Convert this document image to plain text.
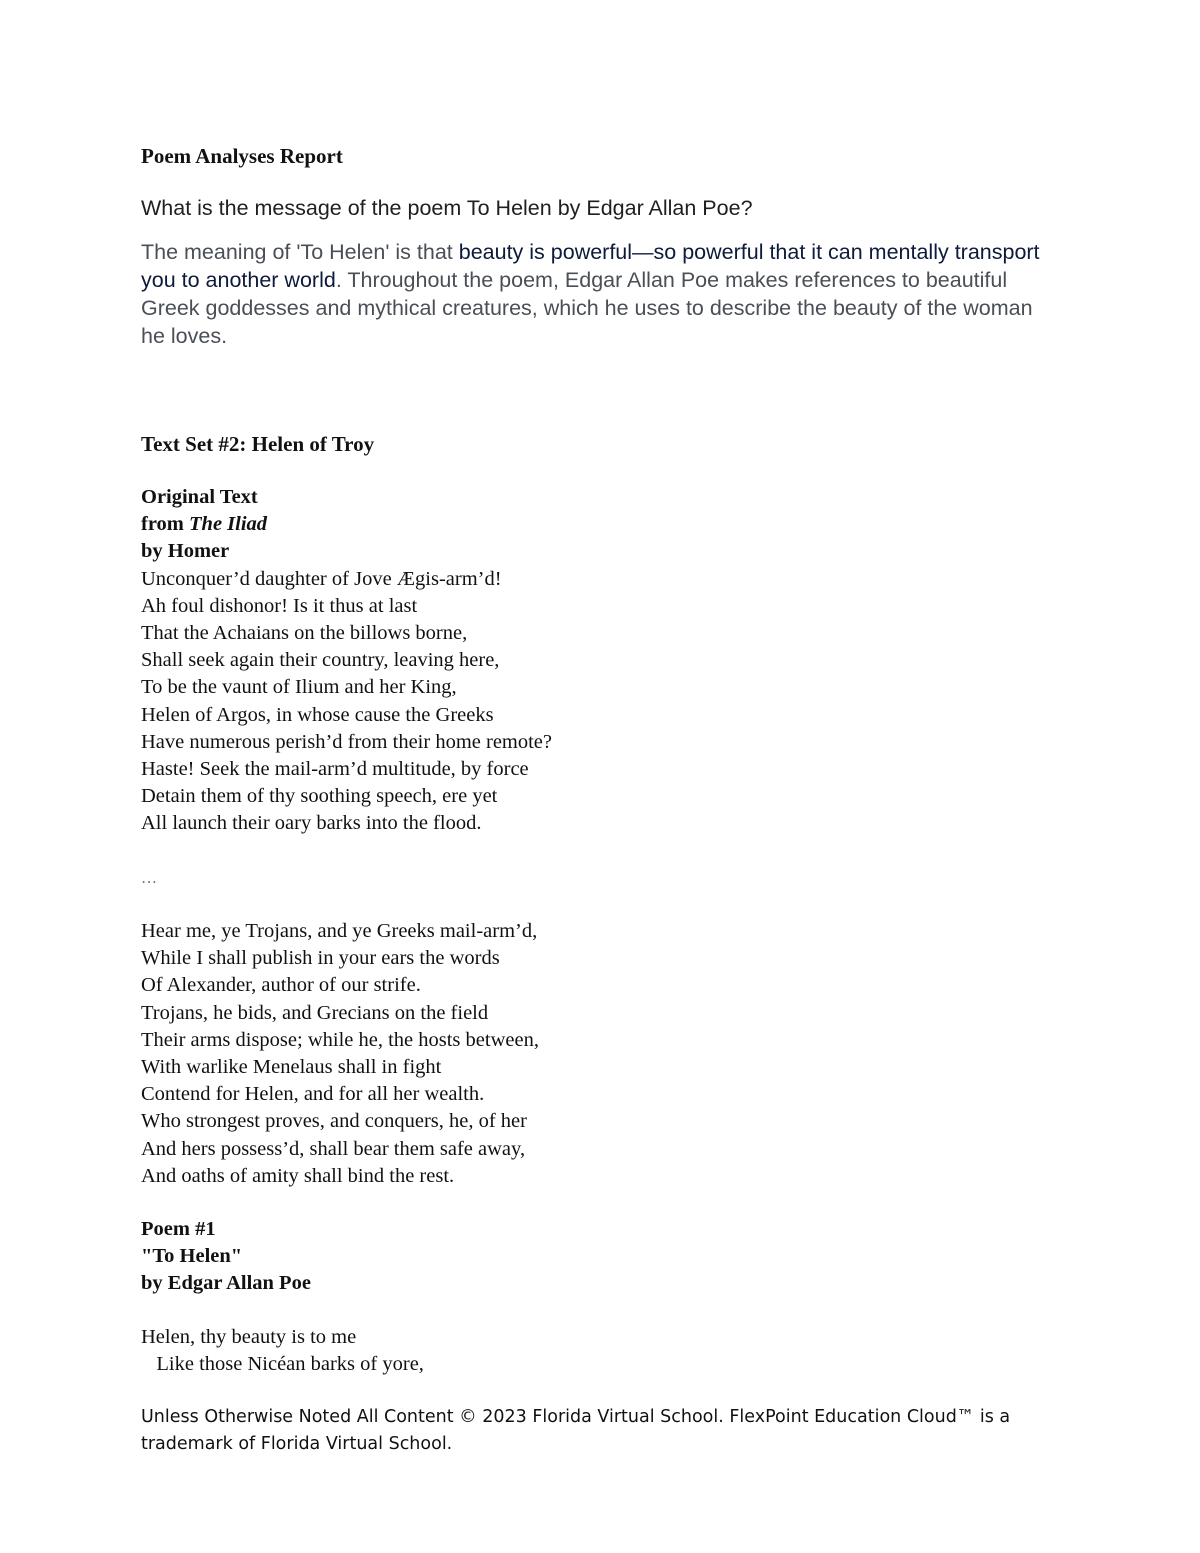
Poem Analyses Report
What is the message of the poem To Helen by Edgar Allan Poe?
The meaning of 'To Helen' is that beauty is powerful—so powerful that it can mentally transport you to another world. Throughout the poem, Edgar Allan Poe makes references to beautiful Greek goddesses and mythical creatures, which he uses to describe the beauty of the woman he loves.
Text Set #2: Helen of Troy
Original Text
from The Iliad
by Homer
Unconquer’d daughter of Jove Ægis-arm’d!
Ah foul dishonor! Is it thus at last
That the Achaians on the billows borne,
Shall seek again their country, leaving here,
To be the vaunt of Ilium and her King,
Helen of Argos, in whose cause the Greeks
Have numerous perish’d from their home remote?
Haste! Seek the mail-arm’d multitude, by force
Detain them of thy soothing speech, ere yet
All launch their oary barks into the flood.
…
Hear me, ye Trojans, and ye Greeks mail-arm’d,
While I shall publish in your ears the words
Of Alexander, author of our strife.
Trojans, he bids, and Grecians on the field
Their arms dispose; while he, the hosts between,
With warlike Menelaus shall in fight
Contend for Helen, and for all her wealth.
Who strongest proves, and conquers, he, of her
And hers possess’d, shall bear them safe away,
And oaths of amity shall bind the rest.
Poem #1
"To Helen"
by Edgar Allan Poe
Helen, thy beauty is to me
Like those Nicéan barks of yore,
Unless Otherwise Noted All Content © 2023 Florida Virtual School. FlexPoint Education Cloud™ is a
trademark of Florida Virtual School.
